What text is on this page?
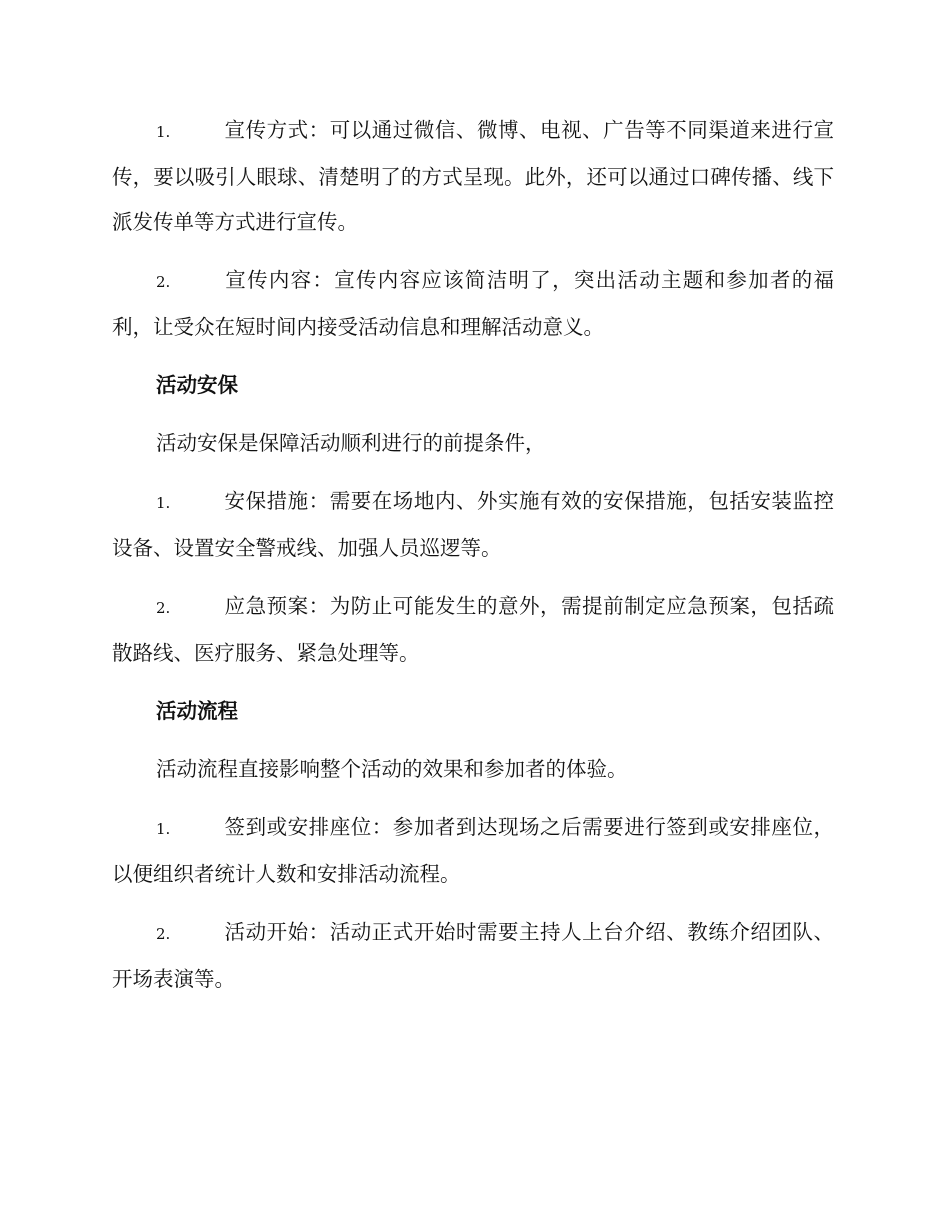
1.	宣传方式：可以通过微信、微博、电视、广告等不同渠道来进行宣传，要以吸引人眼球、清楚明了的方式呈现。此外，还可以通过口碑传播、线下派发传单等方式进行宣传。

2.	宣传内容：宣传内容应该简洁明了，突出活动主题和参加者的福利，让受众在短时间内接受活动信息和理解活动意义。

活动安保

活动安保是保障活动顺利进行的前提条件，

1.	安保措施：需要在场地内、外实施有效的安保措施，包括安装监控设备、设置安全警戒线、加强人员巡逻等。

2.	应急预案：为防止可能发生的意外，需提前制定应急预案，包括疏散路线、医疗服务、紧急处理等。

活动流程

活动流程直接影响整个活动的效果和参加者的体验。

1.	签到或安排座位：参加者到达现场之后需要进行签到或安排座位，以便组织者统计人数和安排活动流程。

2.	活动开始：活动正式开始时需要主持人上台介绍、教练介绍团队、开场表演等。
